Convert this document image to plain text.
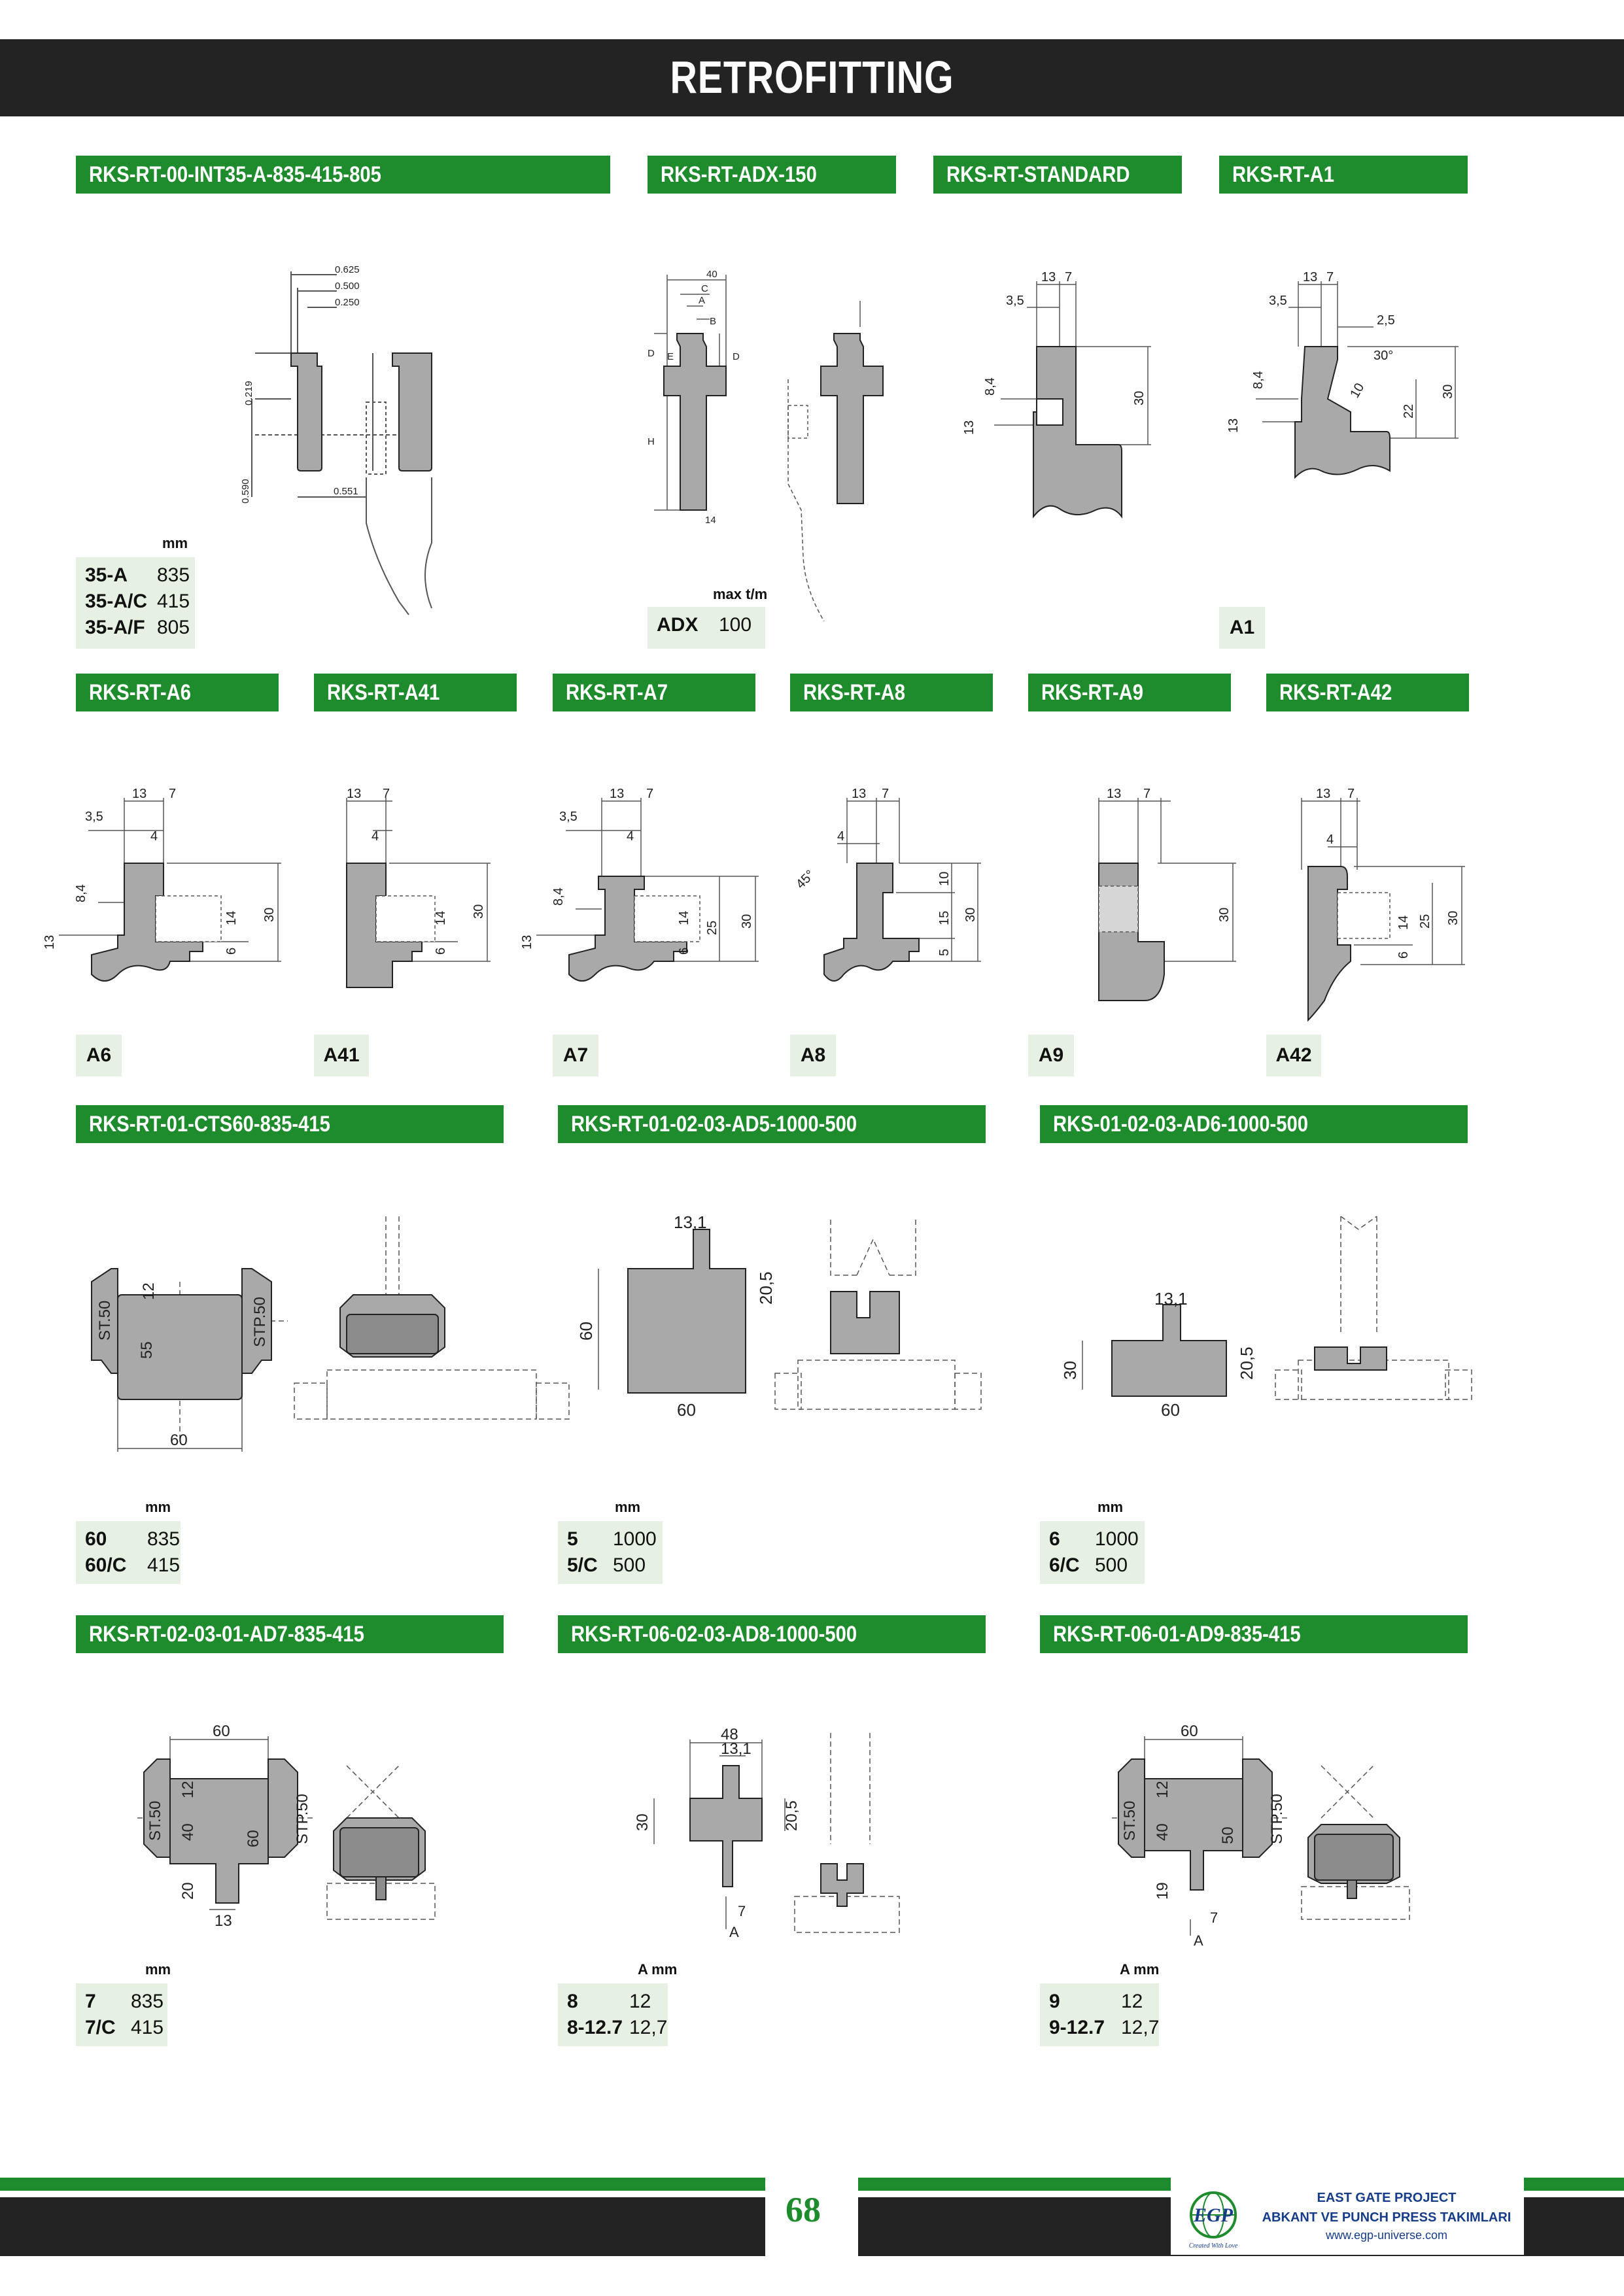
RETROFITTING
RKS-RT-00-INT35-A-835-415-805	RKS-RT-ADX-150	RKS-RT-STANDARD	RKS-RT-A1
0.625
0.500
0.250
0.219
0.590	0.551
mm
35-A	835
35-A/C 415
35-A/F 805
40
C
A
B
E
D	D
H
14
max t/m
ADX	100
13 7
3,5
8,4
13
30
13 7
3,5
2,5
30°
8,4
10
13
22
30
A1
RKS-RT-A6	RKS-RT-A41	RKS-RT-A7	RKS-RT-A8	RKS-RT-A9	RKS-RT-A42
13 7
3,5
4
8,4
13
14
6
30
A6
13 7
4
14
6
30
A41
13 7
3,5
4
8,4
13
14
6
25 30
A7
13 7
4
45°	10
15
5
30
A8
13 7
30
A9
13 7
4
14
6
25 30
A42
RKS-RT-01-CTS60-835-415	RKS-RT-01-02-03-AD5-1000-500	RKS-01-02-03-AD6-1000-500
ST.50
12
55
STP.50
60
mm
60	835
60/C	415
13,1
20,5
60
60
mm
5	1000
5/C 500
13,1
30	20,5
60
mm
6	1000
6/C 500
RKS-RT-02-03-01-AD7-835-415	RKS-RT-06-02-03-AD8-1000-500	RKS-RT-06-01-AD9-835-415
60
12
ST.50 40	60 STP.50
20
13
mm
7	835
7/C 415
48
13,1
30	20,5
7
A
A mm
8	12
8-12.7 12,7
60
12
ST.50 40	50 STP.50
19
7
A
A mm
9	12
9-12.7 12,7
68	EGP
Created With Love
EAST GATE PROJECT
ABKANT VE PUNCH PRESS TAKIMLARI
www.egp-universe.com
